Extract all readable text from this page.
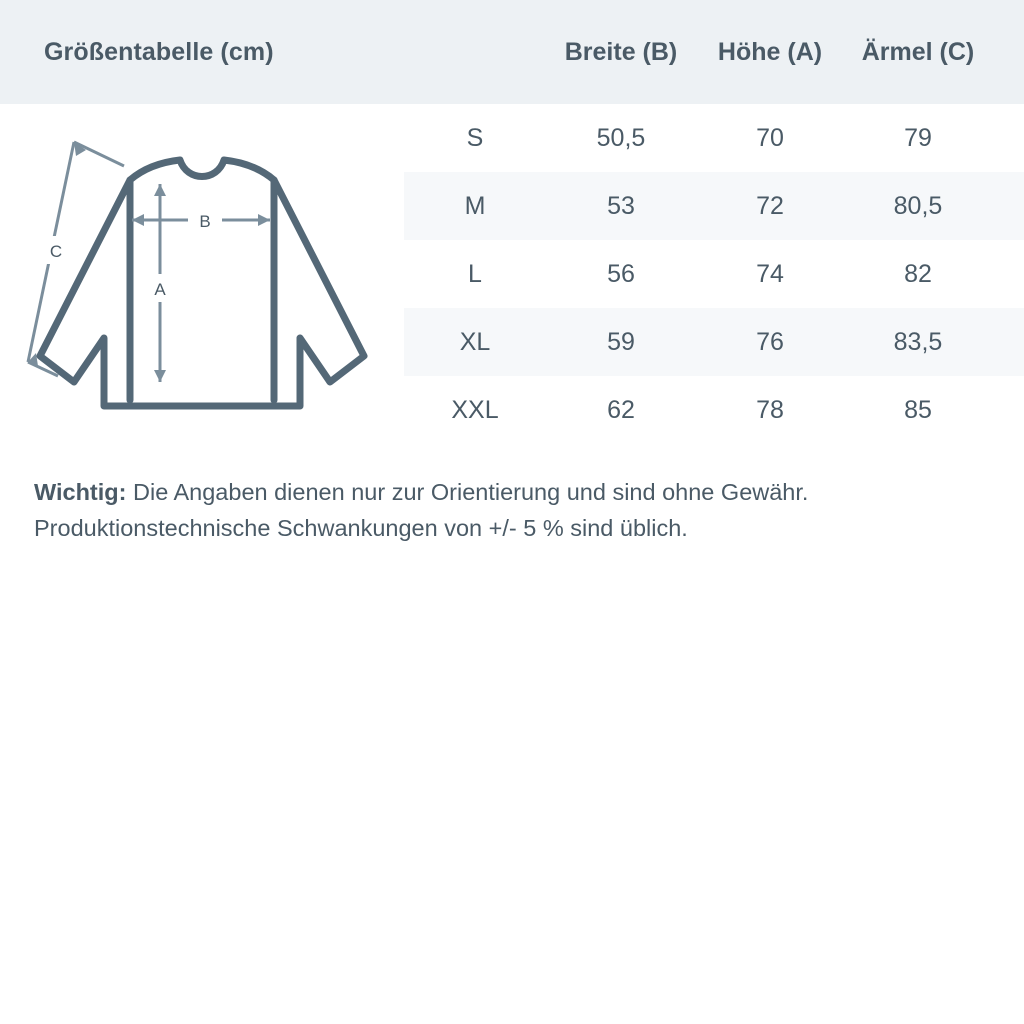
Größentabelle (cm)	Breite (B)	Höhe (A)	Ärmel (C)
B
A
C
S	50,5	70	79
M	53	72	80,5
L	56	74	82
XL	59	76	83,5
XXL	62	78	85
Wichtig: Die Angaben dienen nur zur Orientierung und sind ohne Gewähr.
Produktionstechnische Schwankungen von +/- 5 % sind üblich.
